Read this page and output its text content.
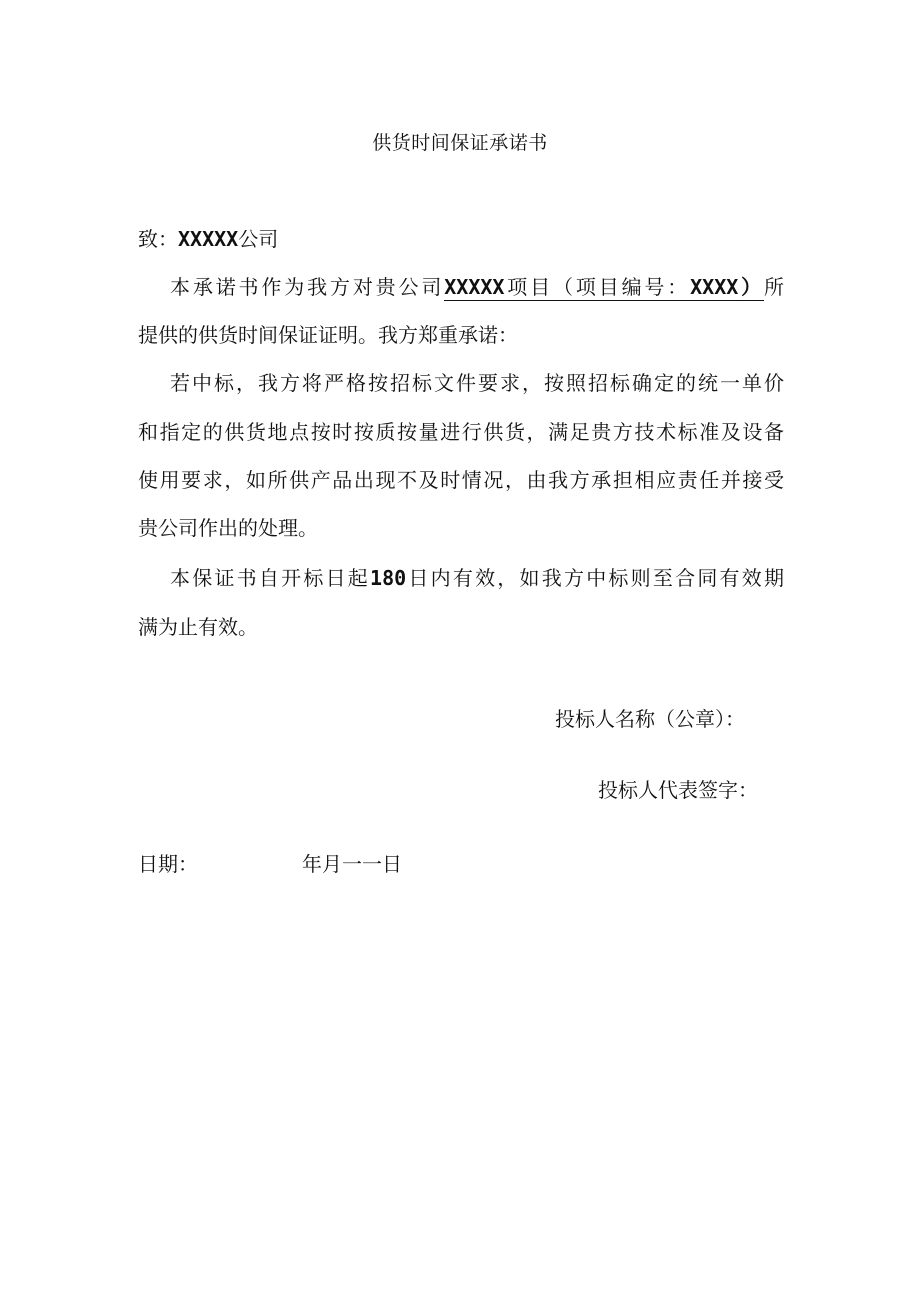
供货时间保证承诺书
致：XXXXX公司
本承诺书作为我方对贵公司XXXXX项目（项目编号：XXXX）所
提供的供货时间保证证明。我方郑重承诺：
若中标，我方将严格按招标文件要求，按照招标确定的统一单价
和指定的供货地点按时按质按量进行供货，满足贵方技术标准及设备
使用要求，如所供产品出现不及时情况，由我方承担相应责任并接受
贵公司作出的处理。
本保证书自开标日起180日内有效，如我方中标则至合同有效期
满为止有效。
投标人名称（公章）：
投标人代表签字：
日期：	年月一一日
